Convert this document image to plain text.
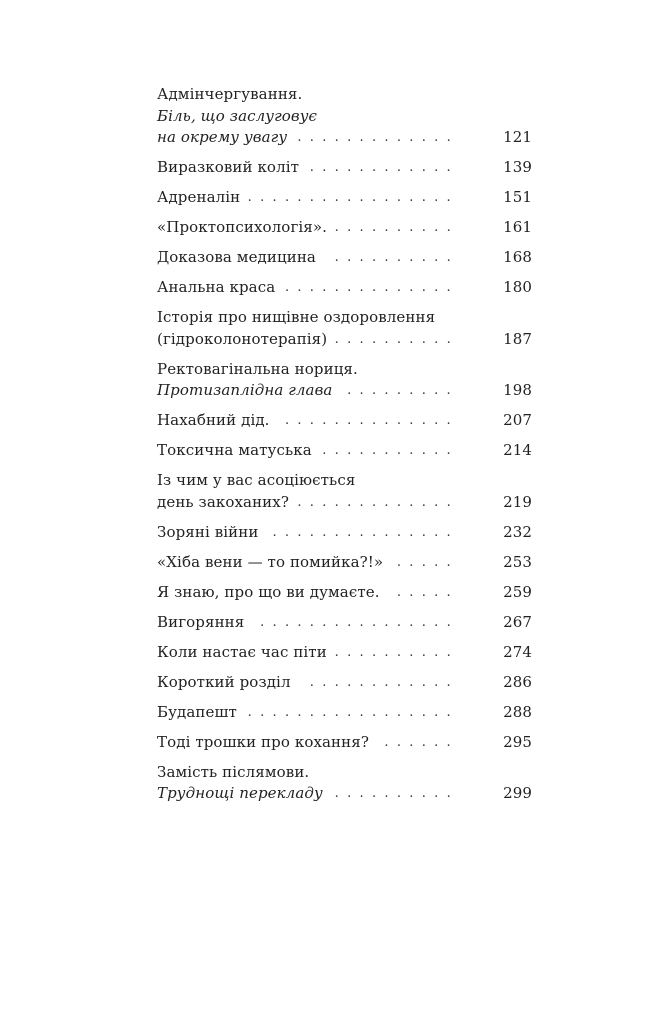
Адмінчергування.
Біль, що заслуговує
на окрему увагу .............	121
Виразковий коліт ............	139
Адреналін .................	151
«Проктопсихологія». ..........	161
Доказова медицина ..........	168
Анальна краса ..............	180
Історія про нищівне оздоровлення
(гідроколонотерапія) ..........	187
Ректовагінальна нориця.
Протизаплідна глава .........	198
Нахабний дід. ..............	207
Токсична матуська ...........	214
Із чим у вас асоціюється
день закоханих? .............	219
Зоряні війни ...............	232
«Хіба вени — то помийка?!» .....	253
Я знаю, про що ви думаєте. .....	259
Вигоряння ................	267
Коли настає час піти ..........	274
Короткий розділ ............	286
Будапешт .................	288
Тоді трошки про кохання? ......	295
Замість післямови.
Труднощі перекладу ..........	299
